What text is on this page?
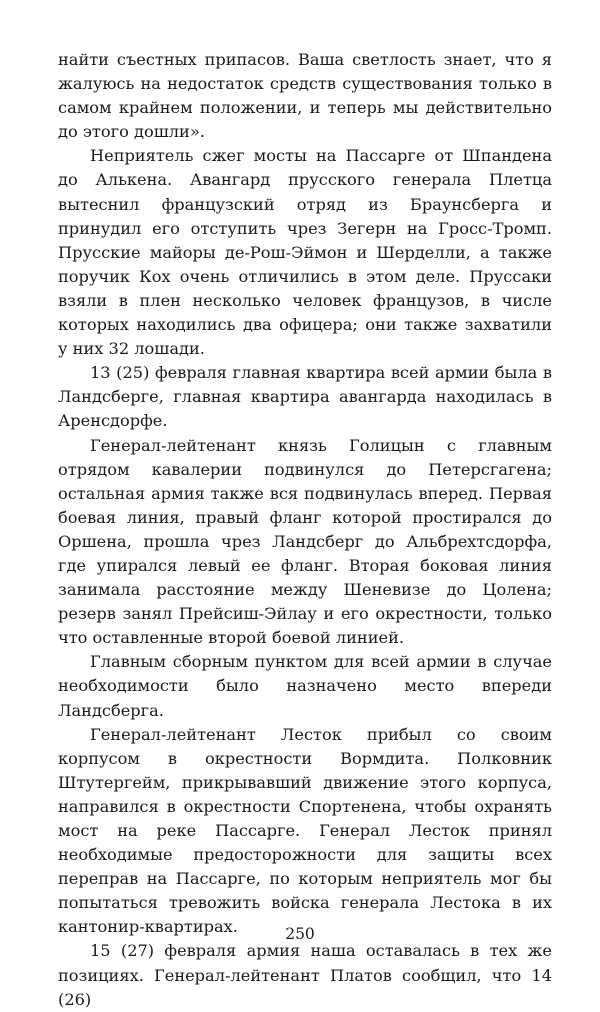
найти съестных припасов. Ваша светлость знает, что я жалуюсь на недостаток средств существования только в самом крайнем положении, и теперь мы действительно до этого дошли».

Неприятель сжег мосты на Пассарге от Шпандена до Алькена. Авангард прусского генерала Плетца вытеснил французский отряд из Браунсберга и принудил его отступить чрез Зегерн на Гросс-Тромп. Прусские майоры де-Рош-Эймон и Шерделли, а также поручик Кох очень отличились в этом деле. Пруссаки взяли в плен несколько человек французов, в числе которых находились два офицера; они также захватили у них 32 лошади.

13 (25) февраля главная квартира всей армии была в Ландсберге, главная квартира авангарда находилась в Аренсдорфе.

Генерал-лейтенант князь Голицын с главным отрядом кавалерии подвинулся до Петерсгагена; остальная армия также вся подвинулась вперед. Первая боевая линия, правый фланг которой простирался до Оршена, прошла чрез Ландсберг до Альбрехтсдорфа, где упирался левый ее фланг. Вторая боковая линия занимала расстояние между Шеневизе до Цолена; резерв занял Прейсиш-Эйлау и его окрестности, только что оставленные второй боевой линией.

Главным сборным пунктом для всей армии в случае необходимости было назначено место впереди Ландсберга.

Генерал-лейтенант Лесток прибыл со своим корпусом в окрестности Вормдита. Полковник Штутергейм, прикрывавший движение этого корпуса, направился в окрестности Спортенена, чтобы охранять мост на реке Пассарге. Генерал Лесток принял необходимые предосторожности для защиты всех переправ на Пассарге, по которым неприятель мог бы попытаться тревожить войска генерала Лестока в их кантонир-квартирах.

15 (27) февраля армия наша оставалась в тех же позициях. Генерал-лейтенант Платов сообщил, что 14 (26)

250
